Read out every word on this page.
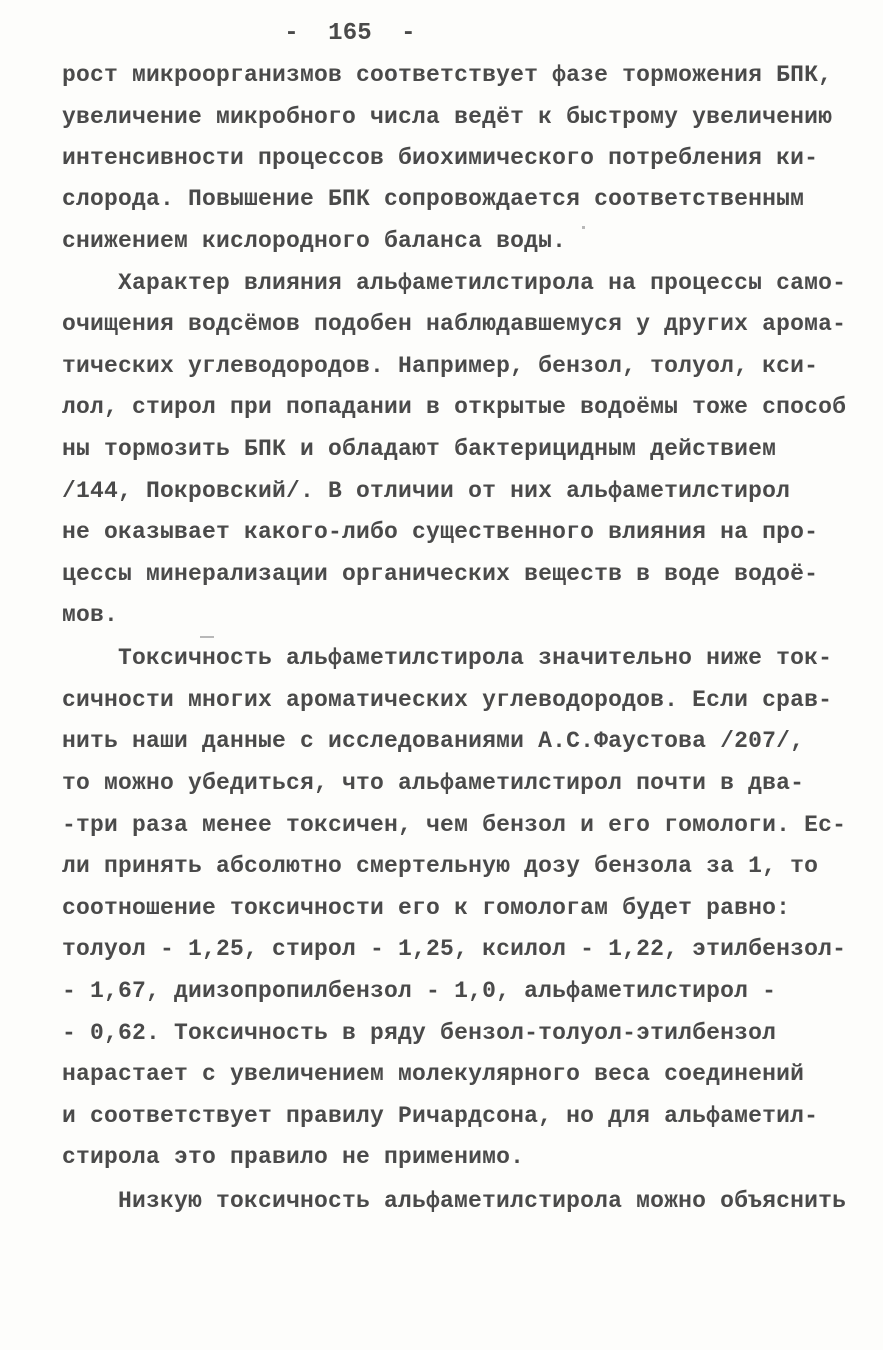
-  165  -
рост микроорганизмов соответствует фазе торможения БПК,
увеличение микробного числа ведёт к быстрому увеличению
интенсивности процессов биохимического потребления ки-
слорода. Повышение БПК сопровождается соответственным
снижением кислородного баланса воды.
Характер влияния альфаметилстирола на процессы само-
очищения водсёмов подобен наблюдавшемуся у других арома-
тических углеводородов. Например, бензол, толуол, кси-
лол, стирол при попадании в открытые водоёмы тоже способ
ны тормозить БПК и обладают бактерицидным действием
/144, Покровский/. В отличии от них альфаметилстирол
не оказывает какого-либо существенного влияния на про-
цессы минерализации органических веществ в воде водоё-
мов.
Токсичность альфаметилстирола значительно ниже ток-
сичности многих ароматических углеводородов. Если срав-
нить наши данные с исследованиями А.С.Фаустова /207/,
то можно убедиться, что альфаметилстирол почти в два-
-три раза менее токсичен, чем бензол и его гомологи. Ес-
ли принять абсолютно смертельную дозу бензола за 1, то
соотношение токсичности его к гомологам будет равно:
толуол - 1,25, стирол - 1,25, ксилол - 1,22, этилбензол-
- 1,67, диизопропилбензол - 1,0, альфаметилстирол -
- 0,62. Токсичность в ряду бензол-толуол-этилбензол
нарастает с увеличением молекулярного веса соединений
и соответствует правилу Ричардсона, но для альфаметил-
стирола это правило не применимо.
Низкую токсичность альфаметилстирола можно объяснить
